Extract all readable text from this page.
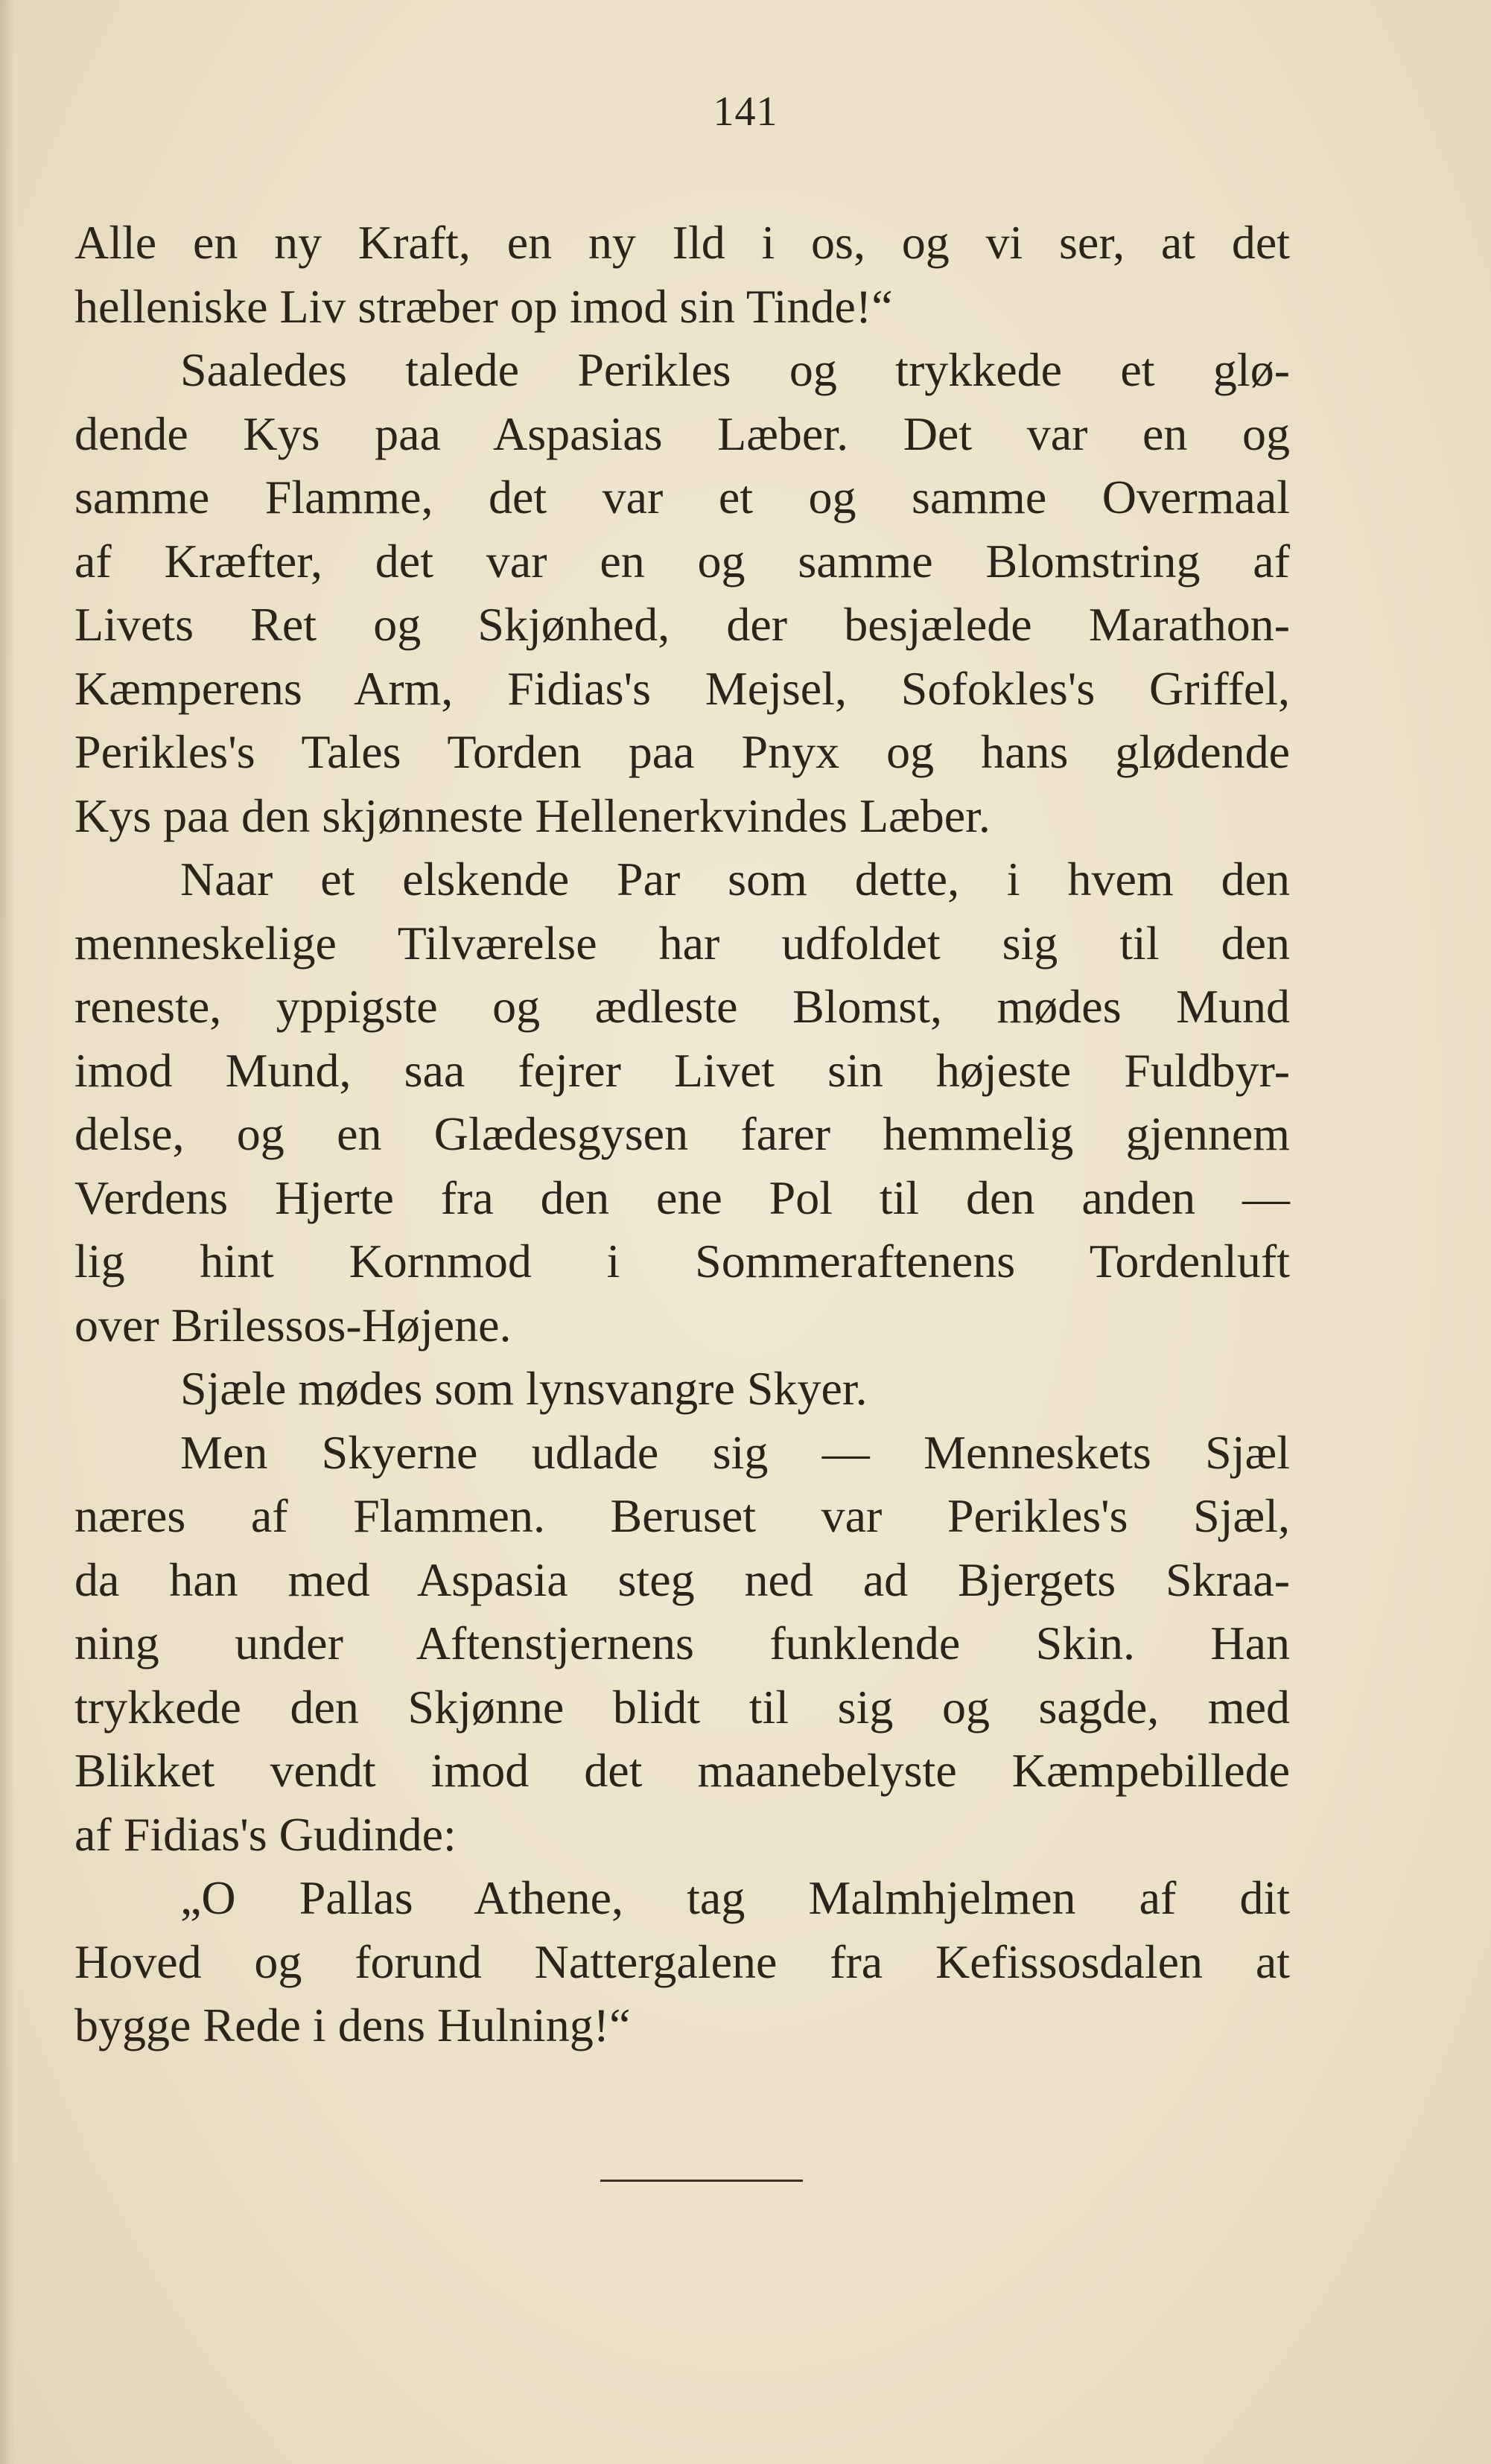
141
Alle en ny Kraft, en ny Ild i os, og vi ser, at det
helleniske Liv stræber op imod sin Tinde!“
Saaledes talede Perikles og trykkede et glø-
dende Kys paa Aspasias Læber. Det var en og
samme Flamme, det var et og samme Overmaal
af Kræfter, det var en og samme Blomstring af
Livets Ret og Skjønhed, der besjælede Marathon-
Kæmperens Arm, Fidias's Mejsel, Sofokles's Griffel,
Perikles's Tales Torden paa Pnyx og hans glødende
Kys paa den skjønneste Hellenerkvindes Læber.
Naar et elskende Par som dette, i hvem den
menneskelige Tilværelse har udfoldet sig til den
reneste, yppigste og ædleste Blomst, mødes Mund
imod Mund, saa fejrer Livet sin højeste Fuldbyr-
delse, og en Glædesgysen farer hemmelig gjennem
Verdens Hjerte fra den ene Pol til den anden —
lig hint Kornmod i Sommeraftenens Tordenluft
over Brilessos-Højene.
Sjæle mødes som lynsvangre Skyer.
Men Skyerne udlade sig — Menneskets Sjæl
næres af Flammen. Beruset var Perikles's Sjæl,
da han med Aspasia steg ned ad Bjergets Skraa-
ning under Aftenstjernens funklende Skin. Han
trykkede den Skjønne blidt til sig og sagde, med
Blikket vendt imod det maanebelyste Kæmpebillede
af Fidias's Gudinde:
„O Pallas Athene, tag Malmhjelmen af dit
Hoved og forund Nattergalene fra Kefissosdalen at
bygge Rede i dens Hulning!“
